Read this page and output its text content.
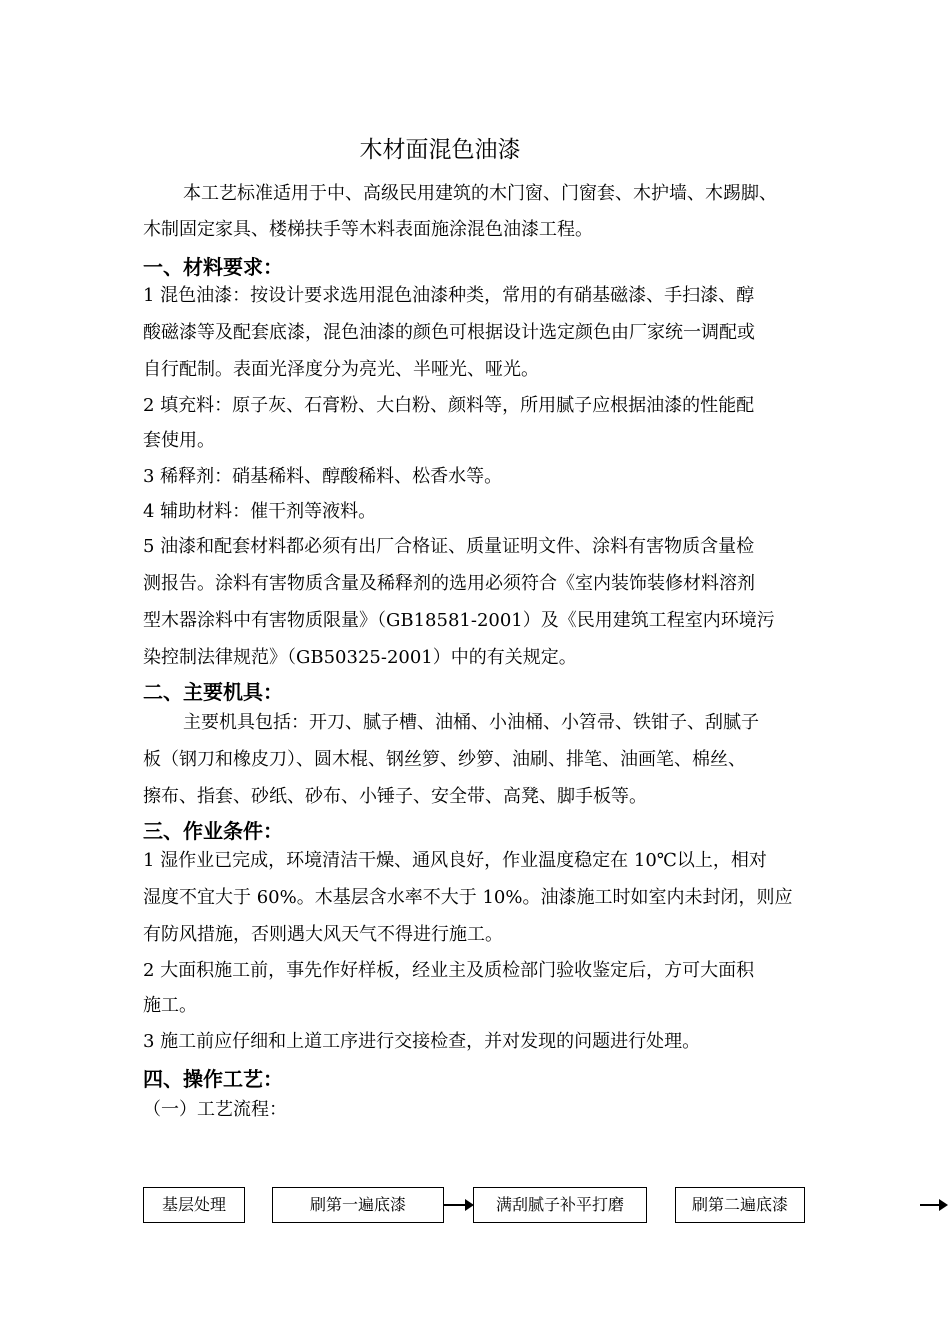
木材面混色油漆
本工艺标准适用于中、高级民用建筑的木门窗、门窗套、木护墙、木踢脚、
木制固定家具、楼梯扶手等木料表面施涂混色油漆工程。
一、材料要求：
1 混色油漆：按设计要求选用混色油漆种类，常用的有硝基磁漆、手扫漆、醇
酸磁漆等及配套底漆，混色油漆的颜色可根据设计选定颜色由厂家统一调配或
自行配制。表面光泽度分为亮光、半哑光、哑光。
2 填充料：原子灰、石膏粉、大白粉、颜料等，所用腻子应根据油漆的性能配
套使用。
3 稀释剂：硝基稀料、醇酸稀料、松香水等。
4 辅助材料：催干剂等液料。
5 油漆和配套材料都必须有出厂合格证、质量证明文件、涂料有害物质含量检
测报告。涂料有害物质含量及稀释剂的选用必须符合《室内装饰装修材料溶剂
型木器涂料中有害物质限量》（GB18581-2001）及《民用建筑工程室内环境污
染控制法律规范》（GB50325-2001）中的有关规定。
二、主要机具：
主要机具包括：开刀、腻子槽、油桶、小油桶、小笤帚、铁钳子、刮腻子
板（钢刀和橡皮刀）、圆木棍、钢丝箩、纱箩、油刷、排笔、油画笔、棉丝、
擦布、指套、砂纸、砂布、小锤子、安全带、高凳、脚手板等。
三、作业条件：
1 湿作业已完成，环境清洁干燥、通风良好，作业温度稳定在 10℃以上，相对
湿度不宜大于 60%。木基层含水率不大于 10%。油漆施工时如室内未封闭，则应
有防风措施，否则遇大风天气不得进行施工。
2 大面积施工前，事先作好样板，经业主及质检部门验收鉴定后，方可大面积
施工。
3 施工前应仔细和上道工序进行交接检查，并对发现的问题进行处理。
四、操作工艺：
（一）工艺流程：
基层处理	刷第一遍底漆	满刮腻子补平打磨	刷第二遍底漆
